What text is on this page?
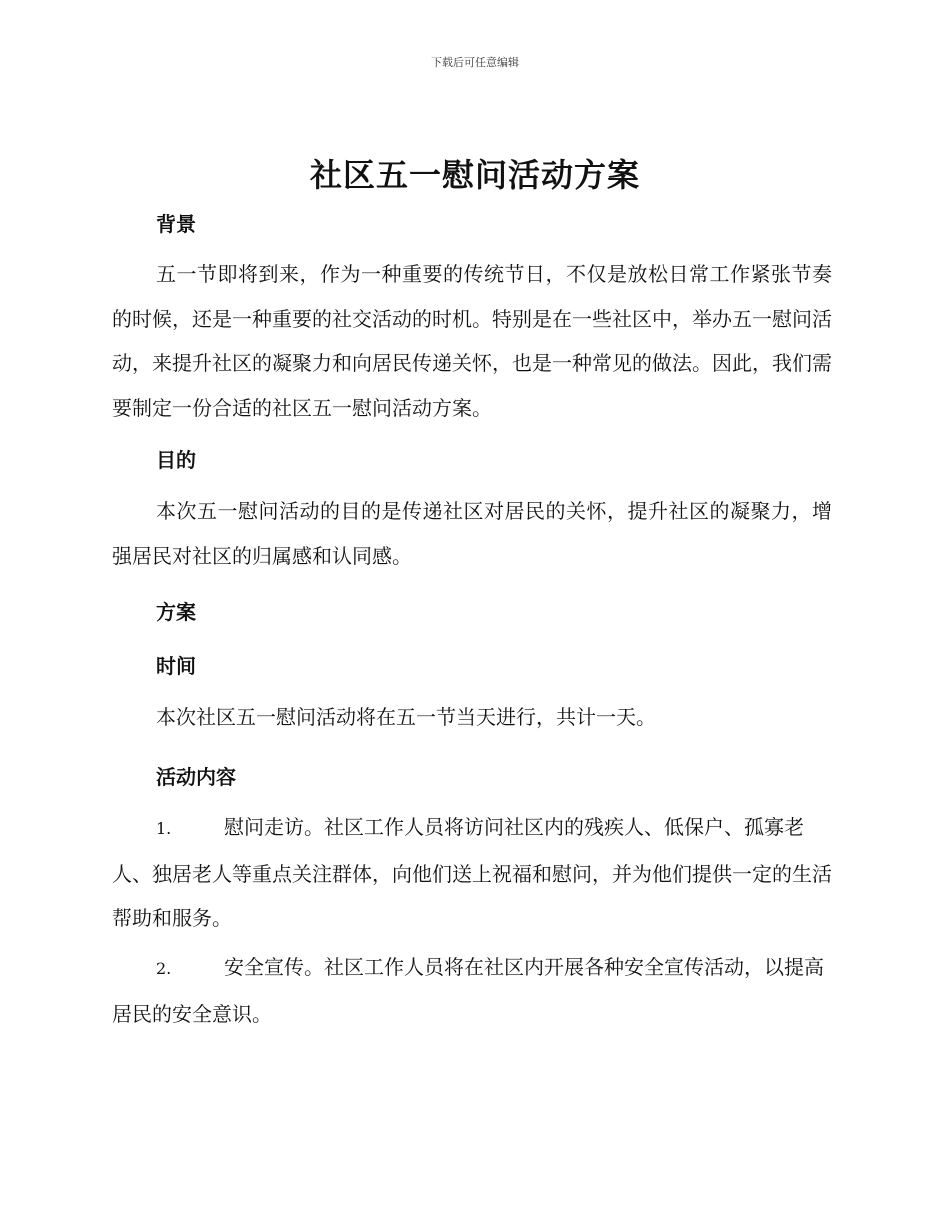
下载后可任意编辑
社区五一慰问活动方案
背景

五一节即将到来，作为一种重要的传统节日，不仅是放松日常工作紧张节奏的时候，还是一种重要的社交活动的时机。特别是在一些社区中，举办五一慰问活动，来提升社区的凝聚力和向居民传递关怀，也是一种常见的做法。因此，我们需要制定一份合适的社区五一慰问活动方案。

目的

本次五一慰问活动的目的是传递社区对居民的关怀，提升社区的凝聚力，增强居民对社区的归属感和认同感。

方案
时间

本次社区五一慰问活动将在五一节当天进行，共计一天。

活动内容

1.	慰问走访。社区工作人员将访问社区内的残疾人、低保户、孤寡老人、独居老人等重点关注群体，向他们送上祝福和慰问，并为他们提供一定的生活帮助和服务。

2.	安全宣传。社区工作人员将在社区内开展各种安全宣传活动，以提高居民的安全意识。
